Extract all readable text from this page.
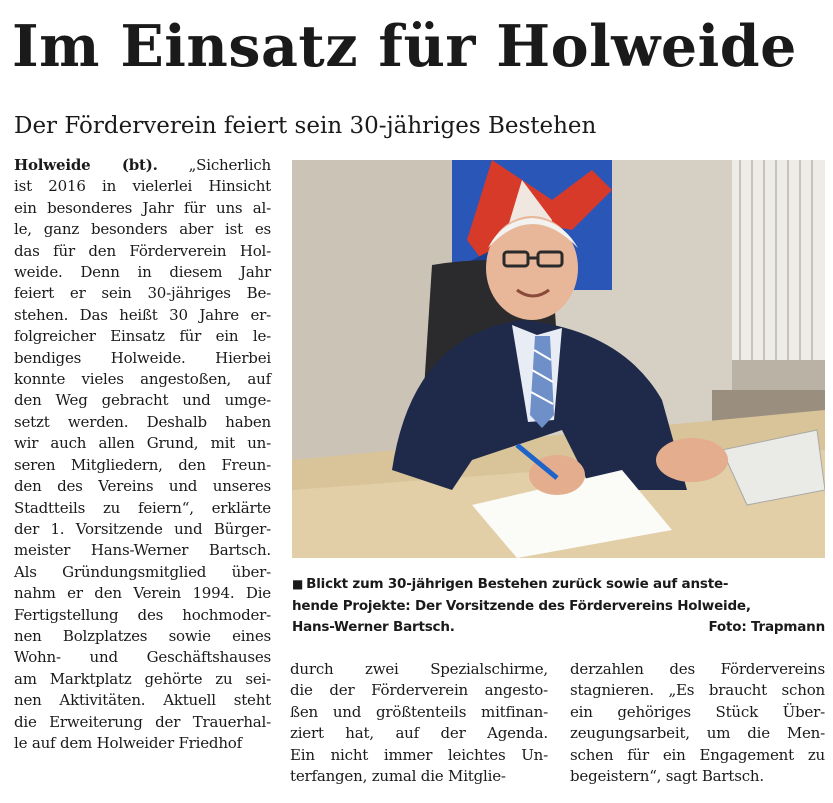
Im Einsatz für Holweide
Der Förderverein feiert sein 30-jähriges Bestehen
Holweide (bt). „Sicherlich
ist 2016 in vielerlei Hinsicht
ein besonderes Jahr für uns al-
le, ganz besonders aber ist es
das für den Förderverein Hol-
weide. Denn in diesem Jahr
feiert er sein 30-jähriges Be-
stehen. Das heißt 30 Jahre er-
folgreicher Einsatz für ein le-
bendiges Holweide. Hierbei
konnte vieles angestoßen, auf
den Weg gebracht und umge-
setzt werden. Deshalb haben
wir auch allen Grund, mit un-
seren Mitgliedern, den Freun-
den des Vereins und unseres
Stadtteils zu feiern“, erklärte
der 1. Vorsitzende und Bürger-
meister Hans-Werner Bartsch.
Als Gründungsmitglied über-
nahm er den Verein 1994. Die
Fertigstellung des hochmoder-
nen Bolzplatzes sowie eines
Wohn- und Geschäftshauses
am Marktplatz gehörte zu sei-
nen Aktivitäten. Aktuell steht
die Erweiterung der Trauerhal-
le auf dem Holweider Friedhof
■ Blickt zum 30-jährigen Bestehen zurück sowie auf anste-
hende Projekte: Der Vorsitzende des Fördervereins Holweide,
Hans-Werner Bartsch.	Foto: Trapmann
durch zwei Spezialschirme,
die der Förderverein angesto-
ßen und größtenteils mitfinan-
ziert hat, auf der Agenda.
Ein nicht immer leichtes Un-
terfangen, zumal die Mitglie-
derzahlen des Fördervereins
stagnieren. „Es braucht schon
ein gehöriges Stück Über-
zeugungsarbeit, um die Men-
schen für ein Engagement zu
begeistern“, sagt Bartsch.
